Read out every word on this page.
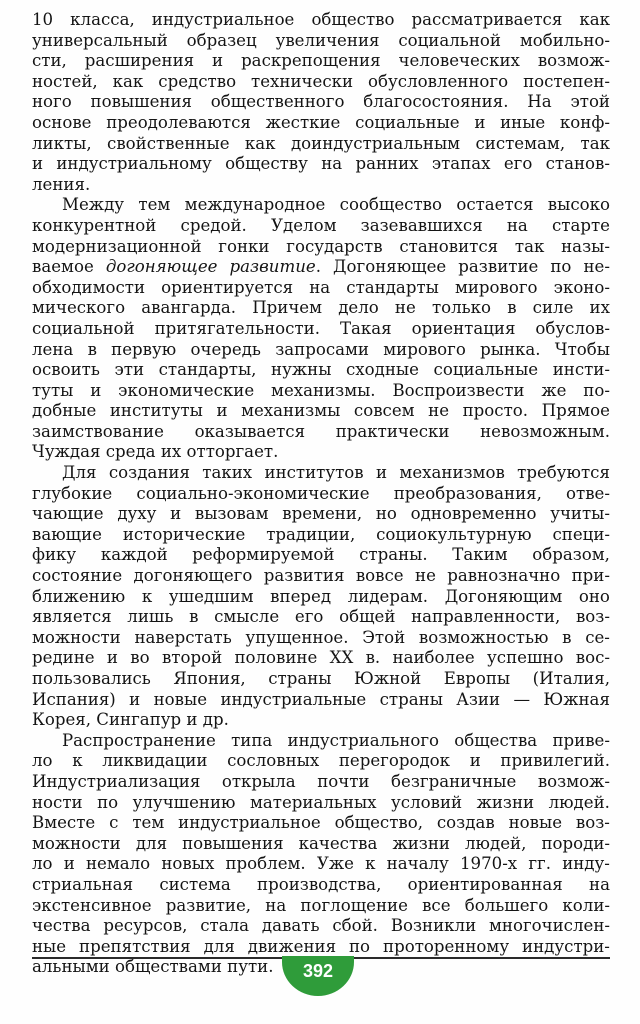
10 класса, индустриальное общество рассматривается как
универсальный образец увеличения социальной мобильно-
сти, расширения и раскрепощения человеческих возмож-
ностей, как средство технически обусловленного постепен-
ного повышения общественного благосостояния. На этой
основе преодолеваются жесткие социальные и иные конф-
ликты, свойственные как доиндустриальным системам, так
и индустриальному обществу на ранних этапах его станов-
ления.
Между тем международное сообщество остается высоко
конкурентной средой. Уделом зазевавшихся на старте
модернизационной гонки государств становится так назы-
ваемое догоняющее развитие. Догоняющее развитие по не-
обходимости ориентируется на стандарты мирового эконо-
мического авангарда. Причем дело не только в силе их
социальной притягательности. Такая ориентация обуслов-
лена в первую очередь запросами мирового рынка. Чтобы
освоить эти стандарты, нужны сходные социальные инсти-
туты и экономические механизмы. Воспроизвести же по-
добные институты и механизмы совсем не просто. Прямое
заимствование оказывается практически невозможным.
Чуждая среда их отторгает.
Для создания таких институтов и механизмов требуются
глубокие социально-экономические преобразования, отве-
чающие духу и вызовам времени, но одновременно учиты-
вающие исторические традиции, социокультурную специ-
фику каждой реформируемой страны. Таким образом,
состояние догоняющего развития вовсе не равнозначно при-
ближению к ушедшим вперед лидерам. Догоняющим оно
является лишь в смысле его общей направленности, воз-
можности наверстать упущенное. Этой возможностью в се-
редине и во второй половине XX в. наиболее успешно вос-
пользовались Япония, страны Южной Европы (Италия,
Испания) и новые индустриальные страны Азии — Южная
Корея, Сингапур и др.
Распространение типа индустриального общества приве-
ло к ликвидации сословных перегородок и привилегий.
Индустриализация открыла почти безграничные возмож-
ности по улучшению материальных условий жизни людей.
Вместе с тем индустриальное общество, создав новые воз-
можности для повышения качества жизни людей, породи-
ло и немало новых проблем. Уже к началу 1970-х гг. инду-
стриальная система производства, ориентированная на
экстенсивное развитие, на поглощение все большего коли-
чества ресурсов, стала давать сбой. Возникли многочислен-
ные препятствия для движения по проторенному индустри-
альными обществами пути.	392
